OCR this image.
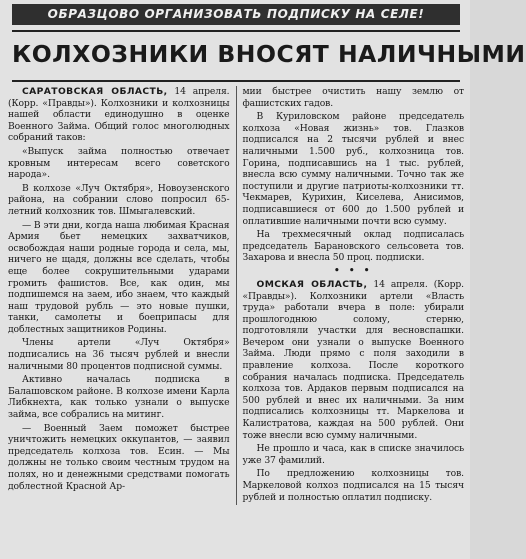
ОБРАЗЦОВО ОРГАНИЗОВАТЬ ПОДПИСКУ НА СЕЛЕ!
КОЛХОЗНИКИ ВНОСЯТ НАЛИЧНЫМИ

САРАТОВСКАЯ ОБЛАСТЬ, 14 апреля. (Корр. «Правды»). Колхозники и колхозницы нашей области единодушно в оценке Военного Займа. Общий голос многолюдных собраний таков:

«Выпуск займа полностью отвечает кровным интересам всего советского народа».

В колхозе «Луч Октября», Новоузенского района, на собрании слово попросил 65-летний колхозник тов. Шмыгалевский.

— В эти дни, когда наша любимая Красная Армия бьет немецких захватчиков, освобождая наши родные города и села, мы, ничего не щадя, должны все сделать, чтобы еще более сокрушительными ударами громить фашистов. Все, как один, мы подпишемся на заем, ибо знаем, что каждый наш трудовой рубль — это новые пушки, танки, самолеты и боеприпасы для доблестных защитников Родины.

Члены артели «Луч Октября» подписались на 36 тысяч рублей и внесли наличными 80 процентов подписной суммы.

Активно началась подписка в Балашовском районе. В колхозе имени Карла Либкнехта, как только узнали о выпуске займа, все собрались на митинг.

— Военный Заем поможет быстрее уничтожить немецких оккупантов, — заявил председатель колхоза тов. Есин. — Мы должны не только своим честным трудом на полях, но и денежными средствами помогать доблестной Красной Ар-

мии быстрее очистить нашу землю от фашистских гадов.

В Куриловском районе председатель колхоза «Новая жизнь» тов. Глазков подписался на 2 тысячи рублей и внес наличными 1.500 руб., колхозница тов. Горина, подписавшись на 1 тыс. рублей, внесла всю сумму наличными. Точно так же поступили и другие патриоты-колхозники тт. Чекмарев, Курихин, Киселева, Анисимов, подписавшиеся от 600 до 1.500 рублей и оплатившие наличными почти всю сумму.

На трехмесячный оклад подписалась председатель Барановского сельсовета тов. Захарова и внесла 50 проц. подписки.

• • •

ОМСКАЯ ОБЛАСТЬ, 14 апреля. (Корр. «Правды»). Колхозники артели «Власть труда» работали вчера в поле: убирали прошлогоднюю солому, стерню, подготовляли участки для весновспашки. Вечером они узнали о выпуске Военного Займа. Люди прямо с поля заходили в правление колхоза. После короткого собрания началась подписка. Председатель колхоза тов. Ардаков первым подписался на 500 рублей и внес их наличными. За ним подписались колхозницы тт. Маркелова и Калистратова, каждая на 500 рублей. Они тоже внесли всю сумму наличными.

Не прошло и часа, как в списке значилось уже 37 фамилий.

По предложению колхозницы тов. Маркеловой колхоз подписался на 15 тысяч рублей и полностью оплатил подписку.
